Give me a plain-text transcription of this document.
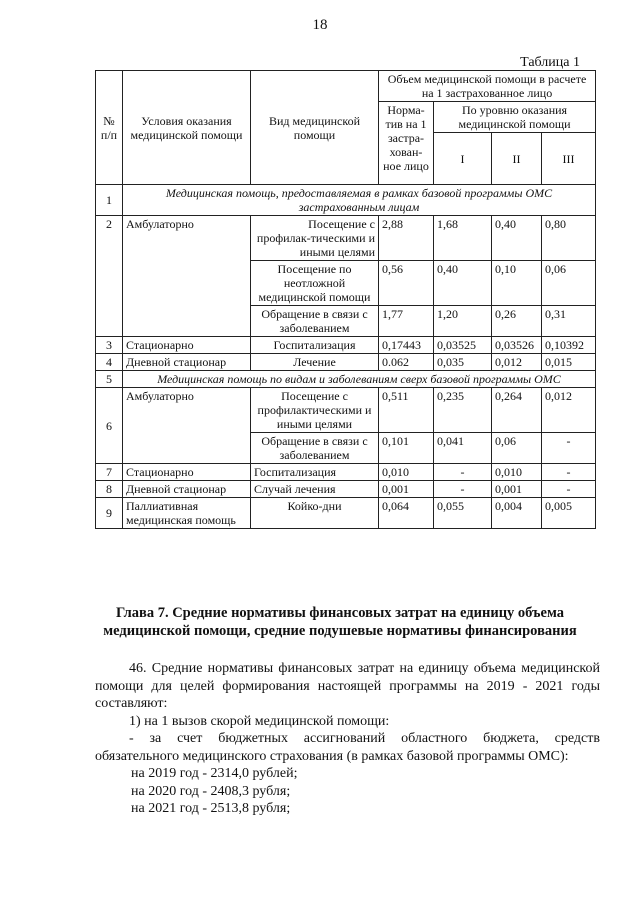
18
Таблица 1
№ п/п	Условия оказания медицинской помощи	Вид медицинской помощи	Объем медицинской помощи в расчете на 1 застрахованное лицо			
			Норма-тив на 1 застра-хован-ное лицо	По уровню оказания медицинской помощи		
				I	II	III
1	Медицинская помощь, предоставляемая в рамках базовой программы ОМС застрахованным лицам					
2	Амбулаторно	Посещение с профилак-тическими и иными целями	2,88	1,68	0,40	0,80
		Посещение по неотложной медицинской помощи	0,56	0,40	0,10	0,06
		Обращение в связи с заболеванием	1,77	1,20	0,26	0,31
3	Стационарно	Госпитализация	0,17443	0,03525	0,03526	0,10392
4	Дневной стационар	Лечение	0.062	0,035	0,012	0,015
5	Медицинская помощь по видам и заболеваниям сверх базовой программы ОМС					
6	Амбулаторно	Посещение с профилактическими и иными целями	0,511	0,235	0,264	0,012
		Обращение в связи с заболеванием	0,101	0,041	0,06	-
7	Стационарно	Госпитализация	0,010	-	0,010	-
8	Дневной стационар	Случай лечения	0,001	-	0,001	-
9	Паллиативная медицинская помощь	Койко-дни	0,064	0,055	0,004	0,005
Глава 7. Средние нормативы финансовых затрат на единицу объема медицинской помощи, средние подушевые нормативы финансирования

46. Средние нормативы финансовых затрат на единицу объема медицинской помощи для целей формирования настоящей программы на 2019 - 2021 годы составляют:

1) на 1 вызов скорой медицинской помощи:

- за счет бюджетных ассигнований областного бюджета, средств обязательного медицинского страхования (в рамках базовой программы ОМС):

на 2019 год - 2314,0 рублей;

на 2020 год - 2408,3 рубля;

на 2021 год - 2513,8 рубля;
